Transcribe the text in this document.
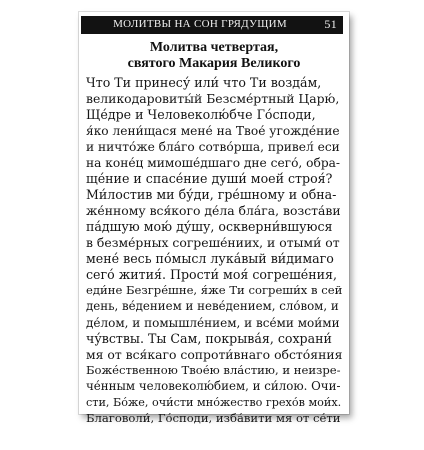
МОЛИТВЫ НА СОН ГРЯДУЩИМ	51
Молитва четвертая,
святого Макария Великого
Что Ти принесу́ или́ что Ти возда́м,
великодаровиты́й Безсме́ртный Царю́,
Ще́дре и Человеколю́бче Го́споди,
я́ко лени́щася мене́ на Твое́ угожде́ние
и ничто́же бла́го сотво́рша, привел́ еси
на коне́ц мимоше́дшаго дне сего́, обра-
ще́ние и спасе́ние души́ моей́ строя́?
Ми́лостив ми бу́ди, гре́шному и обна-
же́нному вся́кого де́ла бла́га, возста́ви
па́дшую мою́ ду́шу, оскверни́вшуюся
в безме́рных согреше́ниих, и отыми́ от
мене́ весь по́мысл лука́вый ви́димаго
сего́ жития́. Прости́ моя́ согреше́ния,
еди́не Безгре́шне, я́же Ти согреши́х в сей
день, ве́дением и неве́дением, сло́вом, и
де́лом, и помышле́нием, и все́ми мои́ми
чу́вствы. Ты Сам, покрыва́я, сохрани́
мя от вся́каго сопроти́внаго обсто́яния
Боже́ственною Твое́ю вла́стию, и неизре-
че́нным человеколю́бием, и си́лою. Очи-
сти, Бо́же, очи́сти мно́жество грехо́в мои́х.
Благоволи́, Го́споди, изба́вити мя от се́ти
